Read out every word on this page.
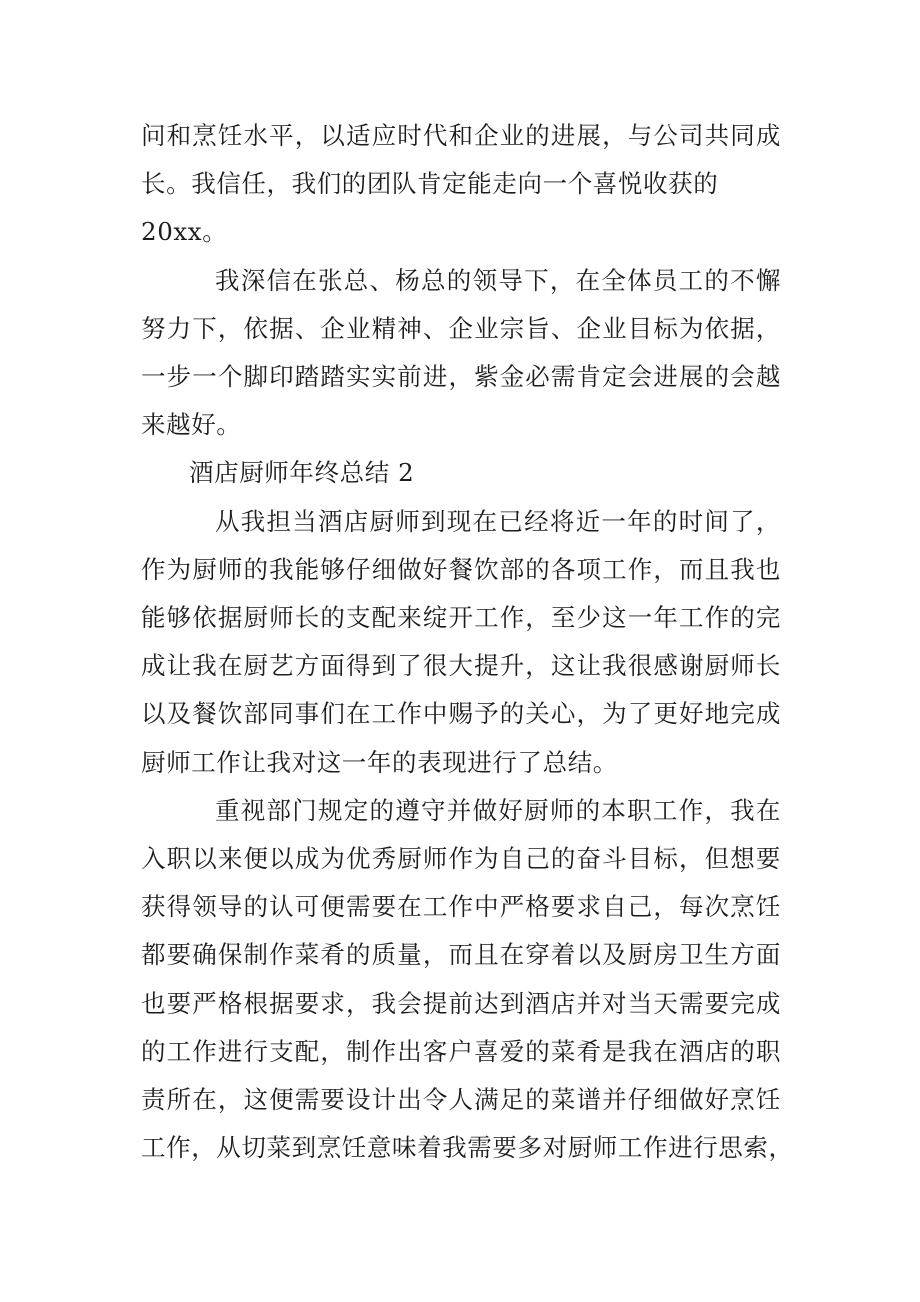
问和烹饪水平，以适应时代和企业的进展，与公司共同成
长。我信任，我们的团队肯定能走向一个喜悦收获的
20xx。

我深信在张总、杨总的领导下，在全体员工的不懈
努力下，依据、企业精神、企业宗旨、企业目标为依据，
一步一个脚印踏踏实实前进，紫金必需肯定会进展的会越
来越好。

酒店厨师年终总结 2

从我担当酒店厨师到现在已经将近一年的时间了，
作为厨师的我能够仔细做好餐饮部的各项工作，而且我也
能够依据厨师长的支配来绽开工作，至少这一年工作的完
成让我在厨艺方面得到了很大提升，这让我很感谢厨师长
以及餐饮部同事们在工作中赐予的关心，为了更好地完成
厨师工作让我对这一年的表现进行了总结。

重视部门规定的遵守并做好厨师的本职工作，我在
入职以来便以成为优秀厨师作为自己的奋斗目标，但想要
获得领导的认可便需要在工作中严格要求自己，每次烹饪
都要确保制作菜肴的质量，而且在穿着以及厨房卫生方面
也要严格根据要求，我会提前达到酒店并对当天需要完成
的工作进行支配，制作出客户喜爱的菜肴是我在酒店的职
责所在，这便需要设计出令人满足的菜谱并仔细做好烹饪
工作，从切菜到烹饪意味着我需要多对厨师工作进行思索，
